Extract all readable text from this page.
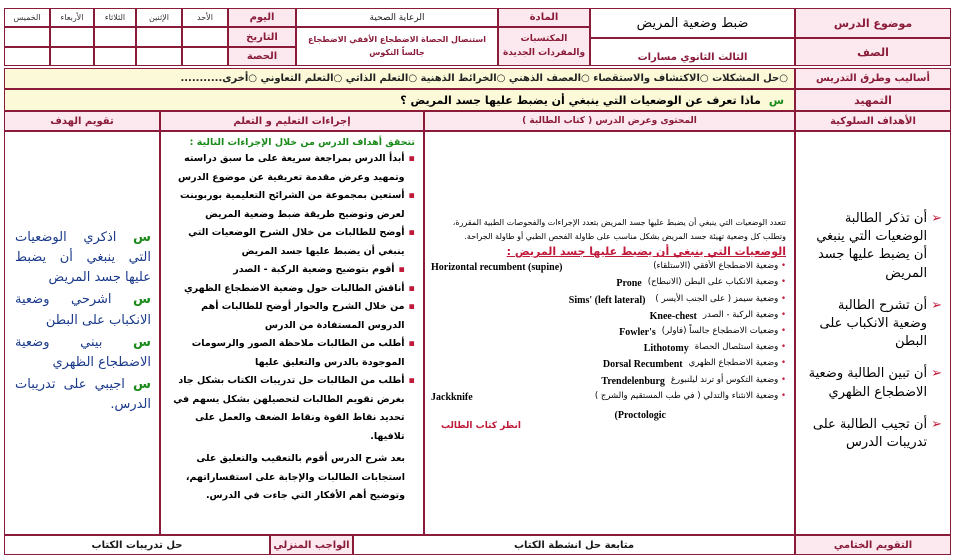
موضوع الدرس
ضبط وضعية المريض
المادة
الرعاية الصحية
اليوم
الأحد
الإثنين
الثلاثاء
الأربعاء
الخميس
التاريخ	المكتسبات والمفردات الجديدة
استنصال الحصاة الاضطجاع الأفقي الاضطجاع جالساً التكوس
الحصة	الصف
الثالث الثانوي مسارات
أساليب وطرق التدريس
○حل المشكلات ○الاكتشاف والاستقصاء ○العصف الذهني ○الخرائط الذهنية ○التعلم الذاتي ○التعلم التعاوني ○أخرى...........
التمهيد
س
ماذا تعرف عن الوضعيات التي ينبغي أن يضبط عليها جسد المريض ؟
الأهداف السلوكية
المحتوى وعرض الدرس ( كتاب الطالبة )
إجراءات التعليم و التعلم
تقويم الهدف
➢
أن تذكر الطالبة الوضعيات التي ينبغي أن يضبط عليها جسد المريض
➢
أن تشرح الطالبة وضعية الانكباب على البطن
➢
أن تبين الطالبة وضعية الاضطجاع الظهري
➢
أن تجيب الطالبة على تدريبات الدرس
تتعدد الوضعيات التي ينبغي أن يضبط عليها جسد المريض بتعدد الإجراءات والفحوصات الطبية المقررة، وتطلب كل وضعية تهيئة جسد المريض بشكل مناسب على طاولة الفحص الطبي أو طاولة الجراحة.
الوضعيات التي ينبغي أن يضبط عليها جسد المريض :
• وضعية الاضطجاع الأفقي (الاستلقاء)
Horizontal recumbent (supine)
• وضعية الانكباب على البطن (الانبطاح)
Prone
• وضعية سيمز ( على الجنب الأيسر )
Sims' (left lateral)
• وضعية الركبة - الصدر
Knee-chest
• وضعيات الاضطجاع جالساً (فاولر)
Fowler's
• وضعية استئصال الحصاة
Lithotomy
• وضعية الاضطجاع الظهري
Dorsal Recumbent
• وضعية التكوس أو ترند ليلنبورغ
Trendelenburg
• وضعية الانثناء والتدلي ( في طب المستقيم والشرج )
Jackknife
(Proctologic
انظر كتاب الطالب
تتحقق أهداف الدرس من خلال الإجراءات التالية :
▪
أبدأ الدرس بمراجعة سريعة على ما سبق دراسته وتمهيد وعرض مقدمة تعريفية عن موضوع الدرس
▪
أستعين بمجموعة من الشرائح التعليمية بوربوينت لعرض وتوضيح طريقة ضبط وضعية المريض
▪
أوضح للطالبات من خلال الشرح الوضعيات التي ينبغي أن يضبط عليها جسد المريض
▪
أقوم بتوضيح وضعية الركبة - الصدر
▪
أناقش الطالبات حول وضعية الاضطجاع الظهري
▪
من خلال الشرح والحوار أوضح للطالبات أهم الدروس المستفادة من الدرس
▪
أطلب من الطالبات ملاحظة الصور والرسومات الموجودة بالدرس والتعليق عليها
▪
أطلب من الطالبات حل تدريبات الكتاب بشكل جاد بغرض تقويم الطالبات لتحصيلهن بشكل يسهم في تحديد نقاط القوة ونقاط الضعف والعمل على تلافيها.
بعد شرح الدرس أقوم بالتعقيب والتعليق على استجابات الطالبات والإجابة على استفساراتهم، وتوضيح أهم الأفكار التي جاءت في الدرس.
س اذكري الوضعيات التي ينبغي أن يضبط عليها جسد المريض
س اشرحي وضعية الانكباب على البطن
س بيني وضعية الاضطجاع الظهري
س اجيبي على تدريبات الدرس.
التقويم الختامي
متابعة حل انشطة الكتاب
الواجب المنزلي
حل تدريبات الكتاب
